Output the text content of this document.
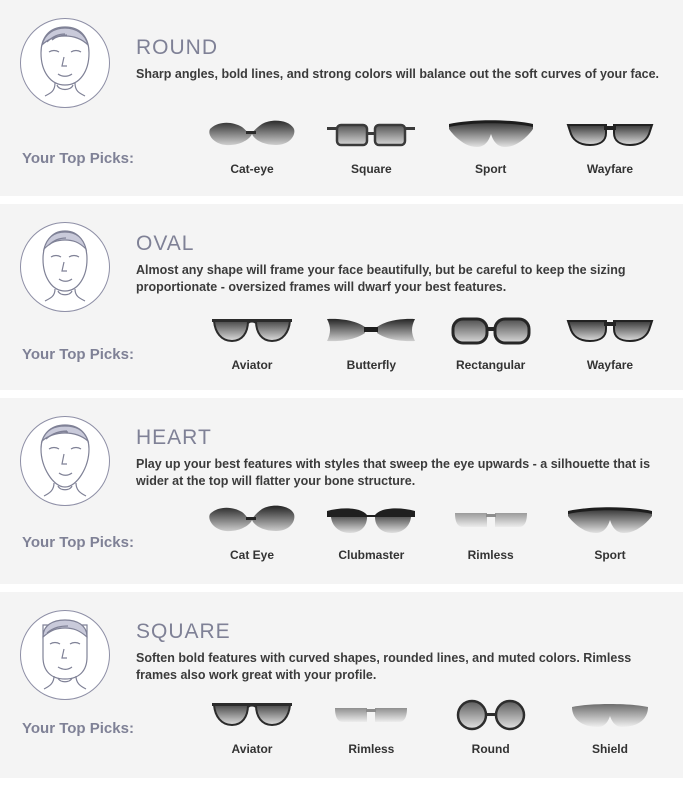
ROUND
Sharp angles, bold lines, and strong colors will balance out the soft curves of your face.
Your Top Picks:
Cat-eye	Square	Sport	Wayfare
OVAL
Almost any shape will frame your face beautifully, but be careful to keep the sizing proportionate - oversized frames will dwarf your best features.
Your Top Picks:
Aviator	Butterfly	Rectangular	Wayfare
HEART
Play up your best features with styles that sweep the eye upwards - a silhouette that is wider at the top will flatter your bone structure.
Your Top Picks:
Cat Eye	Clubmaster	Rimless	Sport
SQUARE
Soften bold features with curved shapes, rounded lines, and muted colors. Rimless frames also work great with your profile.
Your Top Picks:
Aviator	Rimless	Round	Shield
